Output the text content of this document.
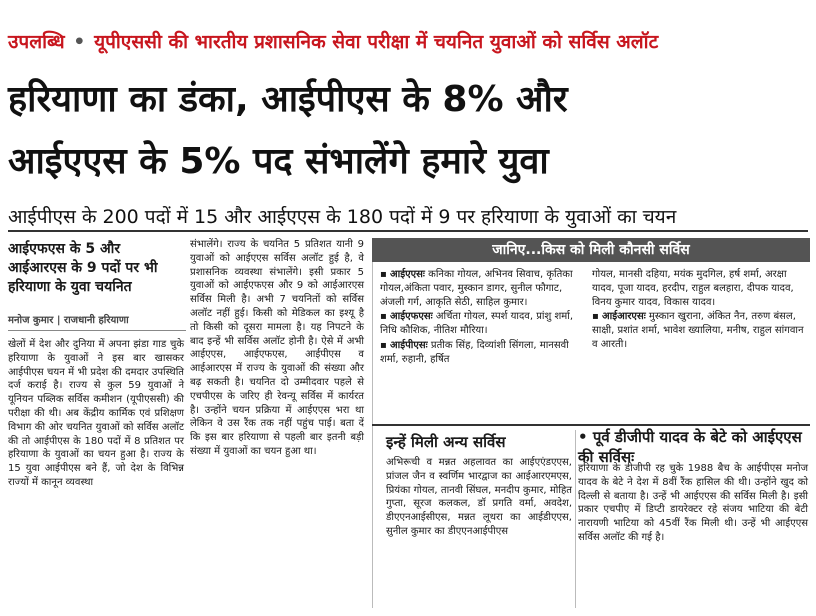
उपलब्धि • यूपीएससी की भारतीय प्रशासनिक सेवा परीक्षा में चयनित युवाओं को सर्विस अलॉट
हरियाणा का डंका, आईपीएस के 8% और
आईएएस के 5% पद संभालेंगे हमारे युवा
आईपीएस के 200 पदों में 15 और आईएएस के 180 पदों में 9 पर हरियाणा के युवाओं का चयन
आईएफएस के 5 और आईआरएस के 9 पदों पर भी हरियाणा के युवा चयनित
मनोज कुमार | राजधानी हरियाणा
खेलों में देश और दुनिया में अपना झंडा गाड चुके हरियाणा के युवाओं ने इस बार खासकर आईपीएस चयन में भी प्रदेश की दमदार उपस्थिति दर्ज कराई है। राज्य से कुल 59 युवाओं ने यूनियन पब्लिक सर्विस कमीशन (यूपीएससी) की परीक्षा की थी। अब केंद्रीय कार्मिक एवं प्रशिक्षण विभाग की ओर चयनित युवाओं को सर्विस अलॉट की तो आईपीएस के 180 पदों में 8 प्रतिशत पर हरियाणा के युवाओं का चयन हुआ है। राज्य के 15 युवा आईपीएस बने हैं, जो देश के विभिन्न राज्यों में कानून व्यवस्था
संभालेंगे। राज्य के चयनित 5 प्रतिशत यानी 9 युवाओं को आईएएस सर्विस अलॉट हुई है, वे प्रशासनिक व्यवस्था संभालेंगे। इसी प्रकार 5 युवाओं को आईएफएस और 9 को आईआरएस सर्विस मिली है। अभी 7 चयनितों को सर्विस अलॉट नहीं हुई। किसी को मेडिकल का इश्यू है तो किसी को दूसरा मामला है। यह निपटने के बाद इन्हें भी सर्विस अलॉट होनी है। ऐसे में अभी आईएएस, आईएफएस, आईपीएस व आईआरएस में राज्य के युवाओं की संख्या और बढ़ सकती है। चयनित दो उम्मीदवार पहले से एचपीएस के जरिए ही रेवन्यू सर्विस में कार्यरत है। उन्होंने चयन प्रक्रिया में आईएएस भरा था लेकिन वे उस रैंक तक नहीं पहुंच पाई। बता दें कि इस बार हरियाणा से पहली बार इतनी बड़ी संख्या में युवाओं का चयन हुआ था।
जानिए...किस को मिली कौनसी सर्विस
▪ आईएएसः कनिका गोयल, अभिनव सिवाच, कृतिका गोयल,अंकिता पवार, मुस्कान डागर, सुनील फौगाट, अंजली गर्ग, आकृति सेठी, साहिल कुमार।
▪ आईएफएसः अर्चिता गोयल, स्पर्श यादव, प्रांशु शर्मा, निधि कौशिक, नीतिश मौरिया।
▪ आईपीएसः प्रतीक सिंह, दिव्यांशी सिंगला, मानसवी शर्मा, रुहानी, हर्षित
गोयल, मानसी दहिया, मयंक मुदगिल, हर्ष शर्मा, अरक्षा यादव, पूजा यादव, हरदीप, राहुल बलहारा, दीपक यादव, विनय कुमार यादव, विकास यादव।
▪ आईआरएसः मुस्कान खुराना, अंकित नैन, तरुण बंसल, साक्षी, प्रशांत शर्मा, भावेश ख्यालिया, मनीष, राहुल सांगवान व आरती।
इन्हें मिली अन्य सर्विस
अभिरूची व मन्नत अहलावत का आईएएंडएएस, प्रांजल जैन व स्वर्णिम भारद्वाज का आईआरएमएस, प्रियंका गोयल, तानवी सिंघल, मनदीप कुमार, मोहित गुप्ता, सूरज कलकल, डॉ प्रगति वर्मा, अवदेश, डीएएनआईसीएस, मन्नत लूथरा का आईडीएएस, सुनील कुमार का डीएएनआईपीएस
• पूर्व डीजीपी यादव के बेटे को आईएएस की सर्विसः
हरियाणा के डीजीपी रह चुके 1988 बैच के आईपीएस मनोज यादव के बेटे ने देश में 8वीं रैंक हासिल की थी। उन्होंने खुद को दिल्ली से बताया है। उन्हें भी आईएएस की सर्विस मिली है। इसी प्रकार एचपीए में डिप्टी डायरेक्टर रहे संजय भाटिया की बेटी नारायणी भाटिया को 45वीं रैंक मिली थी। उन्हें भी आईएएस सर्विस अलॉट की गई है।
